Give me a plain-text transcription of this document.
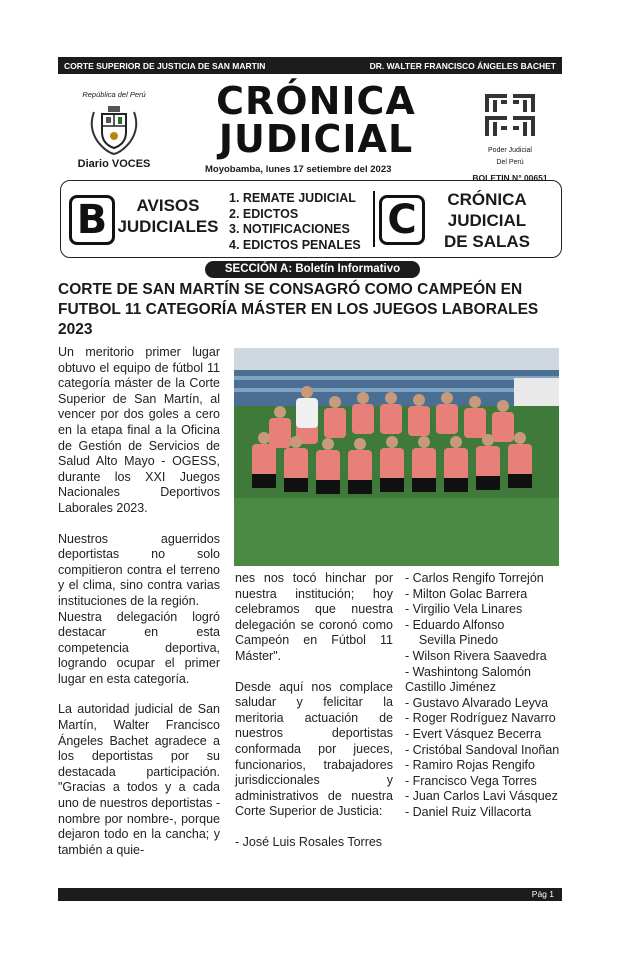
CORTE SUPERIOR DE JUSTICIA DE SAN MARTIN	DR. WALTER FRANCISCO ÁNGELES BACHET
República del Perú
Diario VOCES
CRÓNICA
JUDICIAL
Moyobamba, lunes 17 setiembre del 2023
Poder Judicial
Del Perú
BOLETIN N° 00651
B	AVISOS
JUDICIALES
1. REMATE JUDICIAL
2. EDICTOS
3. NOTIFICACIONES
4. EDICTOS PENALES
C	CRÓNICA
JUDICIAL
DE SALAS
SECCIÓN A: Boletín Informativo
CORTE DE SAN MARTÍN SE CONSAGRÓ COMO CAMPEÓN EN FUTBOL 11 CATEGORÍA MÁSTER EN LOS JUEGOS LABORALES 2023

Un meritorio primer lugar obtuvo el equipo de fútbol 11 categoría máster de la Corte Superior de San Martín, al vencer por dos goles a cero en la etapa final a la Oficina de Gestión de Servicios de Salud Alto Mayo - OGESS, durante los XXI Juegos Nacionales Deportivos Laborales 2023.

Nuestros aguerridos deportistas no solo compitieron contra el terreno y el clima, sino contra varias instituciones de la región.

Nuestra delegación logró destacar en esta competencia deportiva, logrando ocupar el primer lugar en esta categoría.

La autoridad judicial de San Martín, Walter Francisco Ángeles Bachet agradece a los deportistas por su destacada participación. "Gracias a todos y a cada uno de nuestros deportistas -nombre por nombre-, porque dejaron todo en la cancha; y también a quie-

nes nos tocó hinchar por nuestra institución; hoy celebramos que nuestra delegación se coronó como Campeón en Fútbol 11 Máster".

Desde aquí nos complace saludar y felicitar la meritoria actuación de nuestros deportistas conformada por jueces, funcionarios, trabajadores jurisdiccionales y administrativos de nuestra Corte Superior de Justicia:

- José Luis Rosales Torres

- Carlos Rengifo Torrejón
- Milton Golac Barrera
- Virgilio Vela Linares
- Eduardo Alfonso
Sevilla Pinedo
- Wilson Rivera Saavedra
- Washintong Salomón Castillo Jiménez
- Gustavo Alvarado Leyva
- Roger Rodríguez Navarro
- Evert Vásquez Becerra
- Cristóbal Sandoval Inoñan
- Ramiro Rojas Rengifo
- Francisco Vega Torres
- Juan Carlos Lavi Vásquez
- Daniel Ruiz Villacorta
Pág 1
